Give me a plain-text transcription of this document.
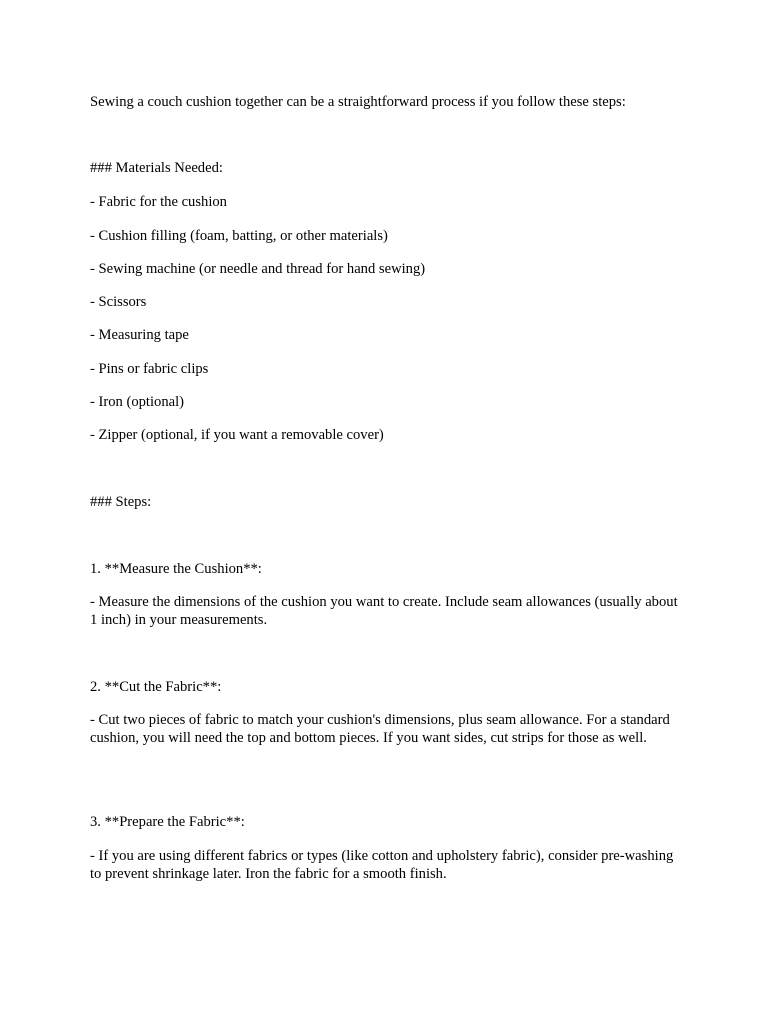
Sewing a couch cushion together can be a straightforward process if you follow these steps:

### Materials Needed:

- Fabric for the cushion

- Cushion filling (foam, batting, or other materials)

- Sewing machine (or needle and thread for hand sewing)

- Scissors

- Measuring tape

- Pins or fabric clips

- Iron (optional)

- Zipper (optional, if you want a removable cover)

### Steps:

1. **Measure the Cushion**:

- Measure the dimensions of the cushion you want to create. Include seam allowances (usually about 1 inch) in your measurements.

2. **Cut the Fabric**:

- Cut two pieces of fabric to match your cushion's dimensions, plus seam allowance. For a standard cushion, you will need the top and bottom pieces. If you want sides, cut strips for those as well.

3. **Prepare the Fabric**:

- If you are using different fabrics or types (like cotton and upholstery fabric), consider pre-washing to prevent shrinkage later. Iron the fabric for a smooth finish.
